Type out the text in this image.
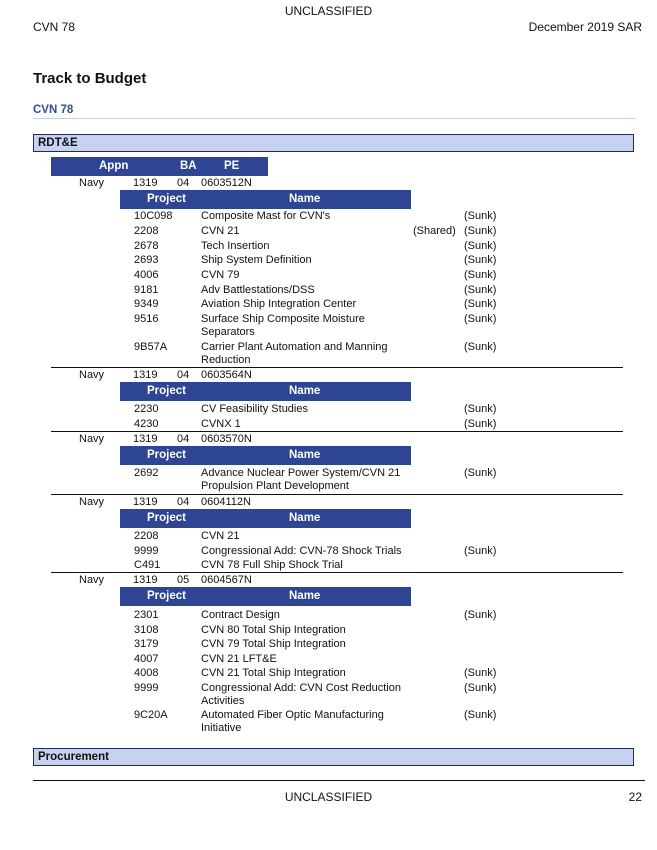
UNCLASSIFIED
CVN 78	December 2019 SAR
Track to Budget
CVN 78
RDT&E
Appn	BA PE
Navy	1319 04 0603512N
Project	Name
10C098	Composite Mast for CVN's	(Sunk)
2208	CVN 21	(Shared) (Sunk)
2678	Tech Insertion	(Sunk)
2693	Ship System Definition	(Sunk)
4006	CVN 79	(Sunk)
9181	Adv Battlestations/DSS	(Sunk)
9349	Aviation Ship Integration Center	(Sunk)
9516	Surface Ship Composite Moisture
Separators
(Sunk)
9B57A	Carrier Plant Automation and Manning
Reduction
(Sunk)
Navy	1319 04 0603564N
Project	Name
2230	CV Feasibility Studies	(Sunk)
4230	CVNX 1	(Sunk)
Navy	1319 04 0603570N
Project	Name
2692	Advance Nuclear Power System/CVN 21
Propulsion Plant Development
(Sunk)
Navy	1319 04 0604112N
Project	Name
2208	CVN 21
9999	Congressional Add: CVN-78 Shock Trials	(Sunk)
C491	CVN 78 Full Ship Shock Trial
Navy	1319 05 0604567N
Project	Name
2301	Contract Design	(Sunk)
3108	CVN 80 Total Ship Integration
3179	CVN 79 Total Ship Integration
4007	CVN 21 LFT&E
4008	CVN 21 Total Ship Integration	(Sunk)
9999	Congressional Add: CVN Cost Reduction
Activities
(Sunk)
9C20A	Automated Fiber Optic Manufacturing
Initiative
(Sunk)
Procurement
UNCLASSIFIED	22
